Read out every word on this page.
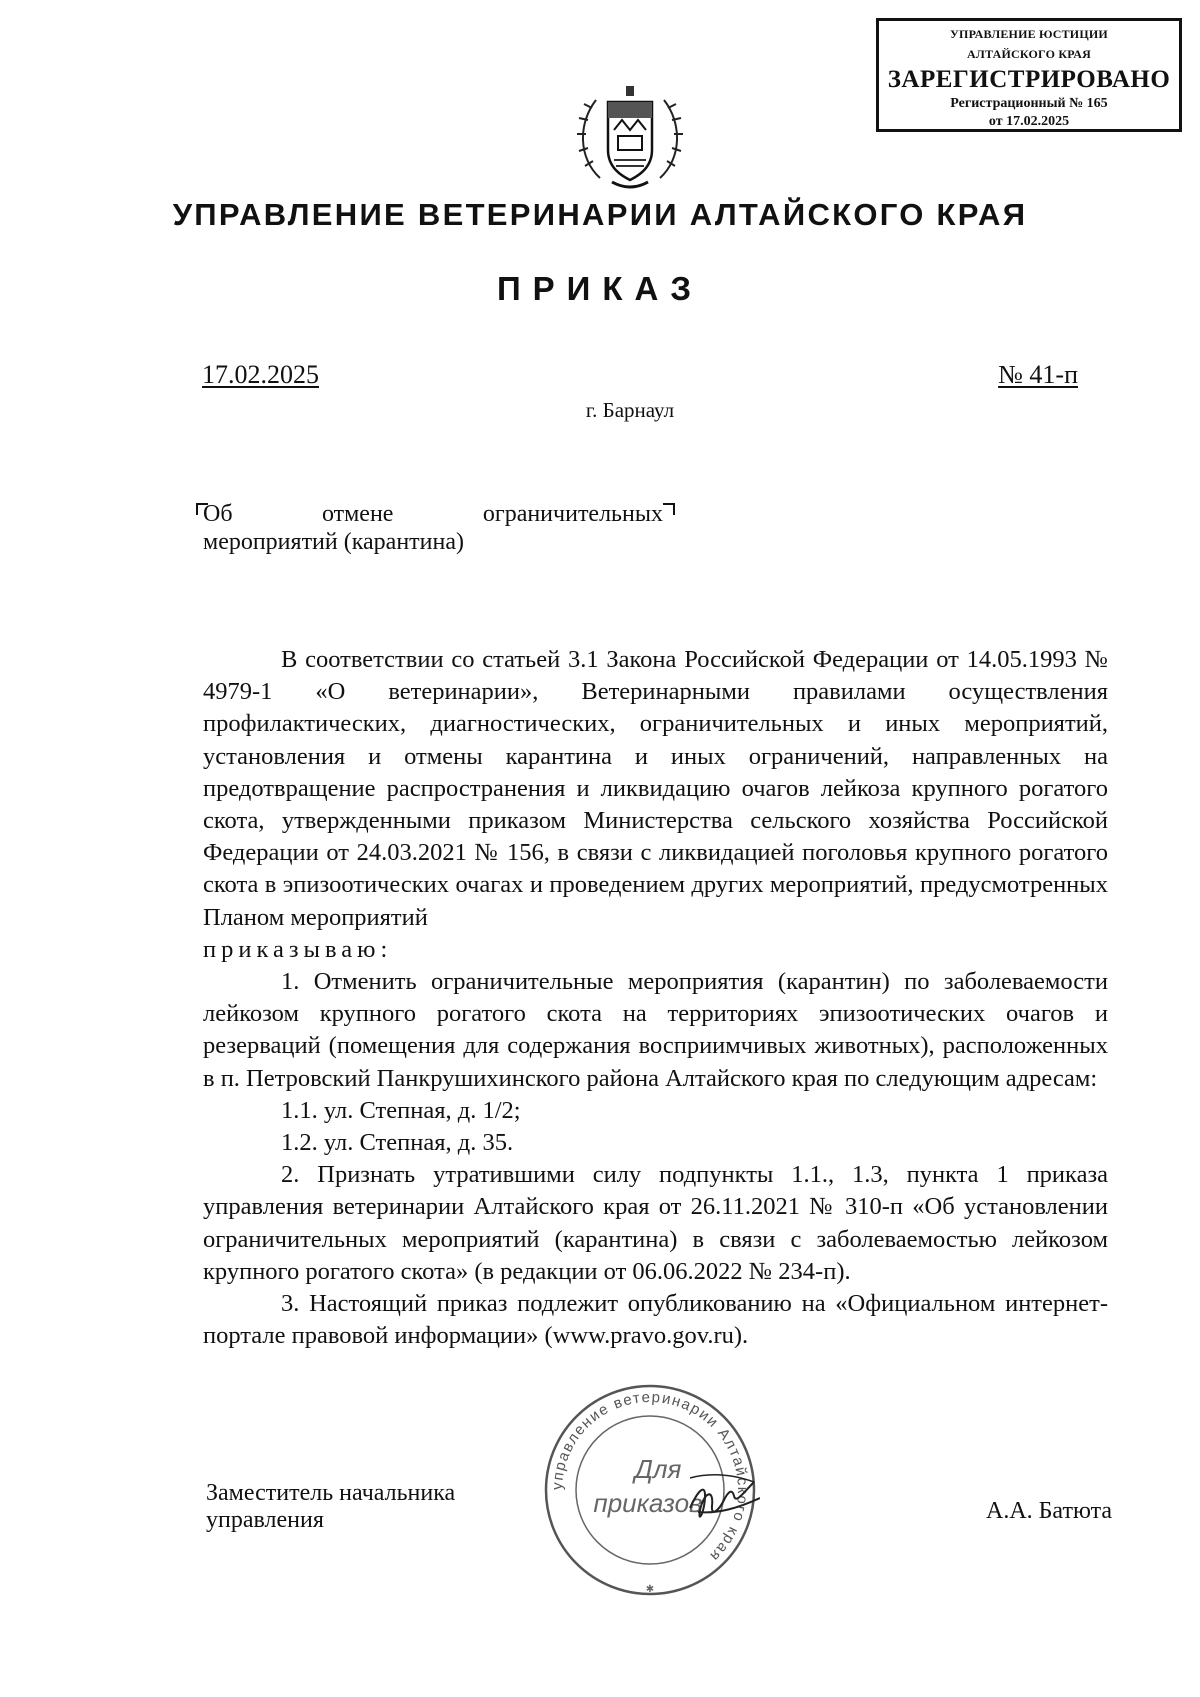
УПРАВЛЕНИЕ ЮСТИЦИИ
АЛТАЙСКОГО КРАЯ
ЗАРЕГИСТРИРОВАНО
Регистрационный № 165
от 17.02.2025
УПРАВЛЕНИЕ ВЕТЕРИНАРИИ АЛТАЙСКОГО КРАЯ
ПРИКАЗ
17.02.2025	№ 41-п
г. Барнаул
Об	отмене	ограничительных
мероприятий (карантина)

В соответствии со статьей 3.1 Закона Российской Федерации от 14.05.1993 № 4979-1 «О ветеринарии», Ветеринарными правилами осуществления профилактических, диагностических, ограничительных и иных мероприятий, установления и отмены карантина и иных ограничений, направленных на предотвращение распространения и ликвидацию очагов лейкоза крупного рогатого скота, утвержденными приказом Министерства сельского хозяйства Российской Федерации от 24.03.2021 № 156, в связи с ликвидацией поголовья крупного рогатого скота в эпизоотических очагах и проведением других мероприятий, предусмотренных Планом мероприятий

приказываю:

1. Отменить ограничительные мероприятия (карантин) по заболеваемости лейкозом крупного рогатого скота на территориях эпизоотических очагов и резерваций (помещения для содержания восприимчивых животных), расположенных в п. Петровский Панкрушихинского района Алтайского края по следующим адресам:

1.1. ул. Степная, д. 1/2;

1.2. ул. Степная, д. 35.

2. Признать утратившими силу подпункты 1.1., 1.3, пункта 1 приказа управления ветеринарии Алтайского края от 26.11.2021 № 310-п «Об установлении ограничительных мероприятий (карантина) в связи с заболеваемостью лейкозом крупного рогатого скота» (в редакции от 06.06.2022 № 234-п).

3. Настоящий приказ подлежит опубликованию на «Официальном интернет-портале правовой информации» (www.pravo.gov.ru).

Заместитель начальника
управления
управление ветеринарии Алтайского края
Для
приказов
✱
А.А. Батюта
